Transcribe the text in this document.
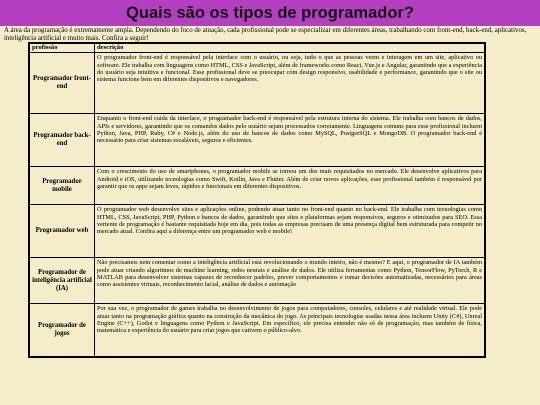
Quais são os tipos de programador?
A área da programação é extremamente ampla. Dependendo do foco de atuação, cada profissional pode se especializar em diferentes áreas, trabalhando com front-end, back-end, aplicativos, inteligência artificial e muito mais. Confira a seguir!
profissão	descrição
Programador front-end	O programador front-end é responsável pela interface com o usuário, ou seja, tudo o que as pessoas veem e interagem em um site, aplicativo ou software. Ele trabalha com linguagens como HTML, CSS e JavaScript, além de frameworks como React, Vue.js e Angular, garantindo que a experiência do usuário seja intuitiva e funcional. Esse profissional deve se preocupar com design responsivo, usabilidade e performance, garantindo que o site ou sistema funcione bem em diferentes dispositivos e navegadores.
Programador back-end	Enquanto o front-end cuida da interface, o programador back-end é responsável pela estrutura interna do sistema. Ele trabalha com bancos de dados, APIs e servidores, garantindo que os comandos dados pelo usuário sejam processados corretamente. Linguagens comuns para esse profissional incluem Python, Java, PHP, Ruby, C# e Node.js, além do uso de bancos de dados como MySQL, PostgreSQL e MongoDB. O programador back-end é necessário para criar sistemas escaláveis, seguros e eficientes.
Programador mobile	Com o crescimento do uso de smartphones, o programador mobile se tornou um dos mais requisitados no mercado. Ele desenvolve aplicativos para Android e iOS, utilizando tecnologias como Swift, Kotlin, Java e Flutter. Além de criar novos aplicações, esse profissional também é responsável por garantir que os apps sejam leves, rápidos e funcionais em diferentes dispositivos.
Programador web	O programador web desenvolve sites e aplicações online, podendo atuar tanto no front-end quanto no back-end. Ele trabalha com tecnologias como HTML, CSS, JavaScript, PHP, Python e bancos de dados, garantindo que sites e plataformas sejam responsivos, seguros e otimizados para SEO. Essa vertente de programação é bastante requisitada hoje em dia, pois todas as empresas precisam de uma presença digital bem estruturada para competir no mercado atual. Confira aqui a diferença entre um programador web e mobile!
Programador de inteligência artificial (IA)	Não precisamos nem comentar como a inteligência artificial está revolucionando o mundo inteiro, não é mesmo? E aqui, o programador de IA também pode atuar criando algoritmos de machine learning, redes neurais e análise de dados. Ele utiliza ferramentas como Python, TensorFlow, PyTorch, R e MATLAB para desenvolver sistemas capazes de reconhecer padrões, prever comportamentos e tomar decisões automatizadas, necessários para áreas como assistentes virtuais, reconhecimento facial, análise de dados e automação
Programador de jogos	Por sua vez, o programador de games trabalha no desenvolvimento de jogos para computadores, consoles, celulares e até realidade virtual. Ele pode atuar tanto na programação gráfica quanto na construção da mecânica do jogo. As principais tecnologias usadas nessa área incluem Unity (C#), Unreal Engine (C++), Godot e linguagens como Python e JavaScript. Em específico, ele precisa entender não só de programação, mas também de física, matemática e experiência do usuário para criar jogos que cativem o público-alvo.
